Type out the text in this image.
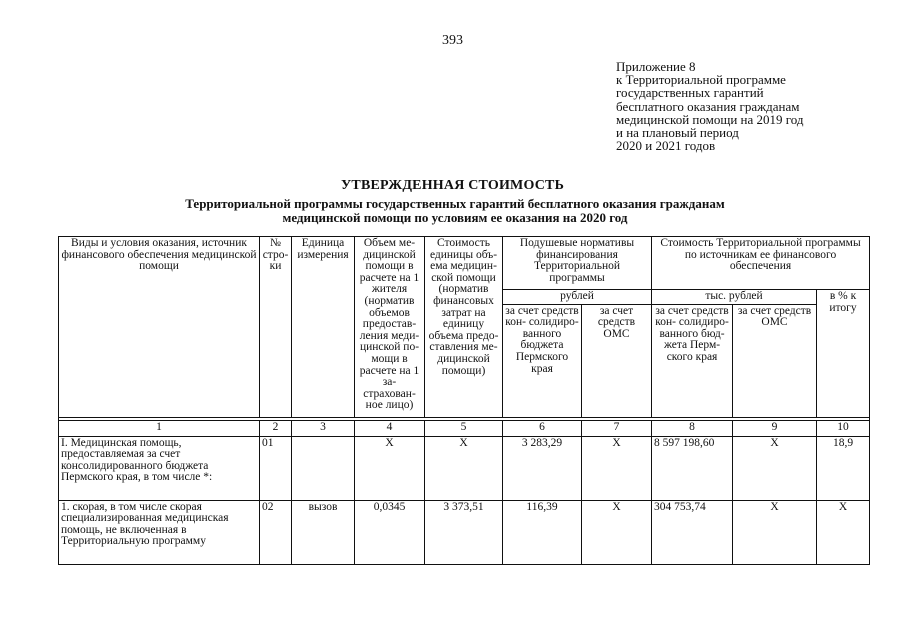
393
Приложение 8
к Территориальной программе
государственных гарантий
бесплатного оказания гражданам
медицинской помощи на 2019 год
и на плановый период
2020 и 2021 годов
УТВЕРЖДЕННАЯ СТОИМОСТЬ
Территориальной программы государственных гарантий бесплатного оказания гражданам
медицинской помощи по условиям ее оказания на 2020 год
Виды и условия оказания, источник финансового обеспечения медицинской помощи	№ стро- ки	Единица измерения	Объем ме- дицинской помощи в расчете на 1 жителя (норматив объемов предостав- ления меди- цинской по- мощи в расчете на 1 за- страхован- ное лицо)	Стоимость единицы объ- ема медицин- ской помощи (норматив финансовых затрат на единицу объема предо- ставления ме- дицинской помощи)	Подушевые нормативы финансирования Территориальной программы		Стоимость Территориальной программы по источникам ее финансового обеспечения		
					рублей		тыс. рублей		в % к итогу
					за счет средств кон- солидиро- ванного бюджета Пермского края	за счет средств ОМС	за счет средств кон- солидиро- ванного бюд- жета Перм- ского края	за счет средств ОМС	

1	2	3	4	5	6	7	8	9	10
I. Медицинская помощь, предоставляемая за счет консолидированного бюджета Пермского края, в том числе *:	01		Х	Х	3 283,29	Х	8 597 198,60	Х	18,9
1. скорая, в том числе скорая специализированная медицинская помощь, не включенная в Территориальную программу	02	вызов	0,0345	3 373,51	116,39	Х	304 753,74	Х	Х
